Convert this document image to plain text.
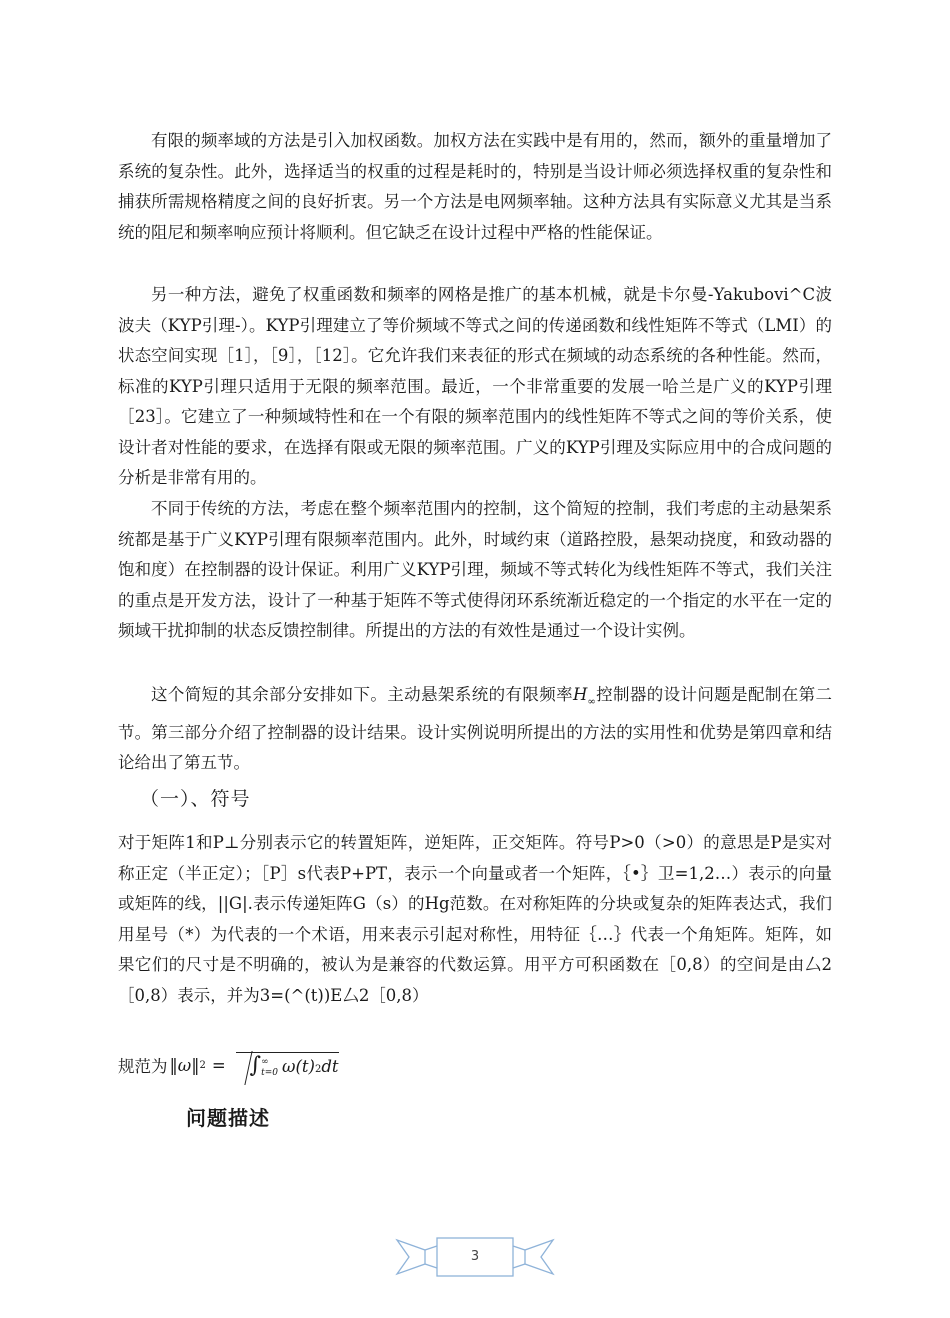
有限的频率域的方法是引入加权函数。加权方法在实践中是有用的，然而，额外的重量增加了系统的复杂性。此外，选择适当的权重的过程是耗时的，特别是当设计师必须选择权重的复杂性和捕获所需规格精度之间的良好折衷。另一个方法是电网频率轴。这种方法具有实际意义尤其是当系统的阻尼和频率响应预计将顺利。但它缺乏在设计过程中严格的性能保证。

另一种方法，避免了权重函数和频率的网格是推广的基本机械，就是卡尔曼-Yakubovi^C波波夫（KYP引理-）。KYP引理建立了等价频域不等式之间的传递函数和线性矩阵不等式（LMI）的状态空间实现［1］，［9］，［12］。它允许我们来表征的形式在频域的动态系统的各种性能。然而，标准的KYP引理只适用于无限的频率范围。最近，一个非常重要的发展一哈兰是广义的KYP引理［23］。它建立了一种频域特性和在一个有限的频率范围内的线性矩阵不等式之间的等价关系，使设计者对性能的要求，在选择有限或无限的频率范围。广义的KYP引理及实际应用中的合成问题的分析是非常有用的。

不同于传统的方法，考虑在整个频率范围内的控制，这个简短的控制，我们考虑的主动悬架系统都是基于广义KYP引理有限频率范围内。此外，时域约束（道路控股，悬架动挠度，和致动器的饱和度）在控制器的设计保证。利用广义KYP引理，频域不等式转化为线性矩阵不等式，我们关注的重点是开发方法，设计了一种基于矩阵不等式使得闭环系统渐近稳定的一个指定的水平在一定的频域干扰抑制的状态反馈控制律。所提出的方法的有效性是通过一个设计实例。

这个简短的其余部分安排如下。主动悬架系统的有限频率$H_\infty$控制器的设计问题是配制在第二节。第三部分介绍了控制器的设计结果。设计实例说明所提出的方法的实用性和优势是第四章和结论给出了第五节。

（一）、符号

对于矩阵1和P⊥分别表示它的转置矩阵，逆矩阵，正交矩阵。符号P>0（>0）的意思是P是实对称正定（半正定）；［P］s代表P+PT，表示一个向量或者一个矩阵，｛•｝卫=1,2…）表示的向量或矩阵的线，||G|.表示传递矩阵G（s）的Hg范数。在对称矩阵的分块或复杂的矩阵表达式，我们用星号（*）为代表的一个术语，用来表示引起对称性，用特征｛…｝代表一个角矩阵。矩阵，如果它们的尺寸是不明确的，被认为是兼容的代数运算。用平方可积函数在［0,8）的空间是由厶2［0,8）表示，并为3=(^(t))E厶2［0,8）

规范为 ‖ω‖ 2 =	∫ ∞
t=0 ω(t)2dt
问题描述
3
